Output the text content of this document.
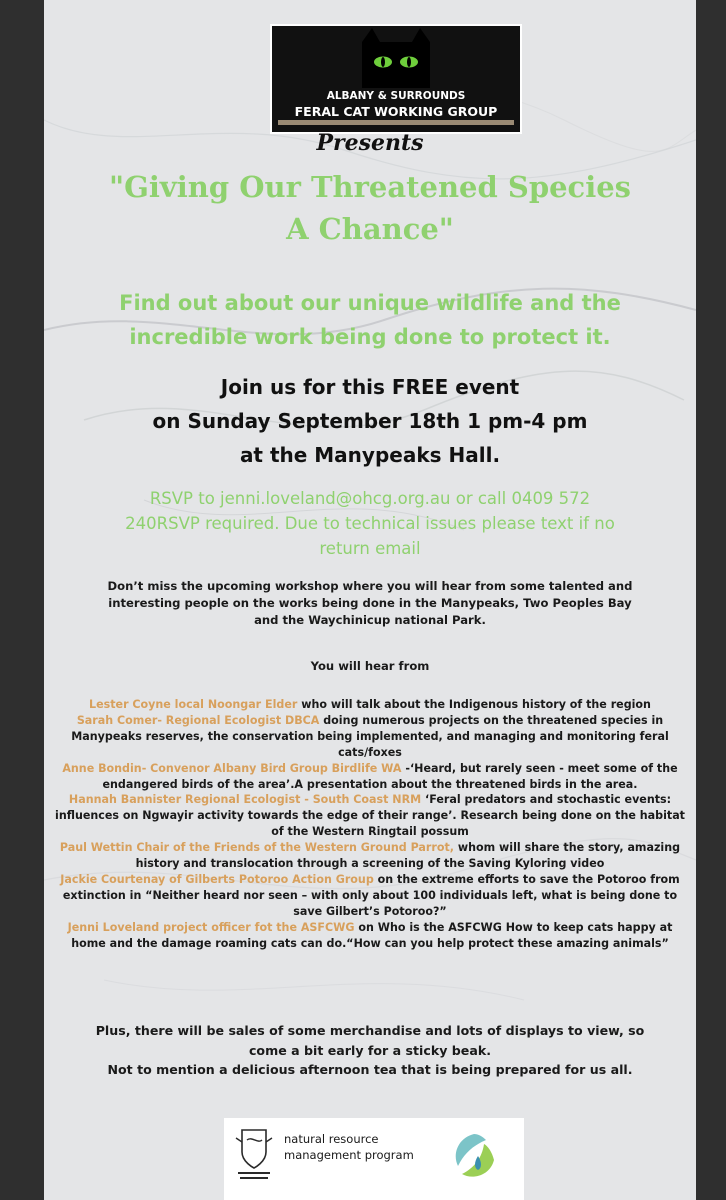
ALBANY & SURROUNDS
FERAL CAT WORKING GROUP
Presents
"Giving Our Threatened Species
A Chance"
Find out about our unique wildlife and the
incredible work being done to protect it.
Join us for this FREE event
on Sunday September 18th 1 pm-4 pm
at the Manypeaks Hall.
RSVP to jenni.loveland@ohcg.org.au or call 0409 572
240RSVP required. Due to technical issues please text if no
return email
Don’t miss the upcoming workshop where you will hear from some talented and
interesting people on the works being done in the Manypeaks, Two Peoples Bay
and the Waychinicup national Park.
You will hear from
Lester Coyne local Noongar Elder who will talk about the Indigenous history of the region
Sarah Comer- Regional Ecologist DBCA doing numerous projects on the threatened species in Manypeaks reserves, the conservation being implemented, and managing and monitoring feral cats/foxes
Anne Bondin- Convenor Albany Bird Group Birdlife WA -‘Heard, but rarely seen - meet some of the endangered birds of the area’.A presentation about the threatened birds in the area.
Hannah Bannister Regional Ecologist - South Coast NRM ‘Feral predators and stochastic events: influences on Ngwayir activity towards the edge of their range’. Research being done on the habitat of the Western Ringtail possum
Paul Wettin Chair of the Friends of the Western Ground Parrot, whom will share the story, amazing history and translocation through a screening of the Saving Kyloring video
Jackie Courtenay of Gilberts Potoroo Action Group on the extreme efforts to save the Potoroo from extinction in “Neither heard nor seen – with only about 100 individuals left, what is being done to save Gilbert’s Potoroo?”
Jenni Loveland project officer fot the ASFCWG on Who is the ASFCWG How to keep cats happy at home and the damage roaming cats can do.“How can you help protect these amazing animals”
Plus, there will be sales of some merchandise and lots of displays to view, so
come a bit early for a sticky beak.
Not to mention a delicious afternoon tea that is being prepared for us all.
natural resource
management program
